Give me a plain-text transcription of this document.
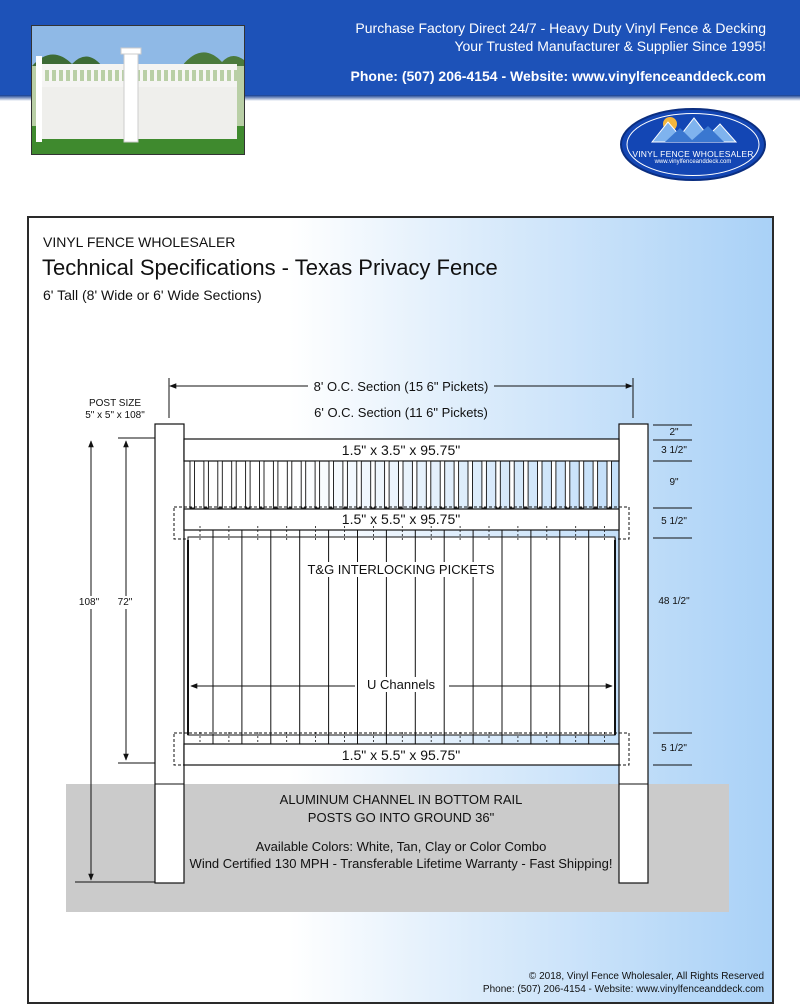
Purchase Factory Direct 24/7 - Heavy Duty Vinyl Fence & Decking
Your Trusted Manufacturer & Supplier Since 1995!
Phone: (507) 206-4154 - Website: www.vinylfenceanddeck.com
VINYL FENCE WHOLESALER
www.vinylfenceanddeck.com
VINYL FENCE WHOLESALER
Technical Specifications - Texas Privacy Fence
6' Tall (8' Wide or 6' Wide Sections)
POST SIZE
5" x 5" x 108"
8' O.C. Section (15 6" Pickets)
6' O.C. Section (11 6" Pickets)
1.5" x 3.5" x 95.75"
1.5" x 5.5" x 95.75"
T&G INTERLOCKING PICKETS
U Channels
1.5" x 5.5" x 95.75"
108" 72"
2"
3 1/2"
9"
5 1/2"
48 1/2"
5 1/2"
ALUMINUM CHANNEL IN BOTTOM RAIL
POSTS GO INTO GROUND 36"
Available Colors: White, Tan, Clay or Color Combo
Wind Certified 130 MPH - Transferable Lifetime Warranty - Fast Shipping!
© 2018, Vinyl Fence Wholesaler, All Rights Reserved
Phone: (507) 206-4154 - Website: www.vinylfenceanddeck.com
